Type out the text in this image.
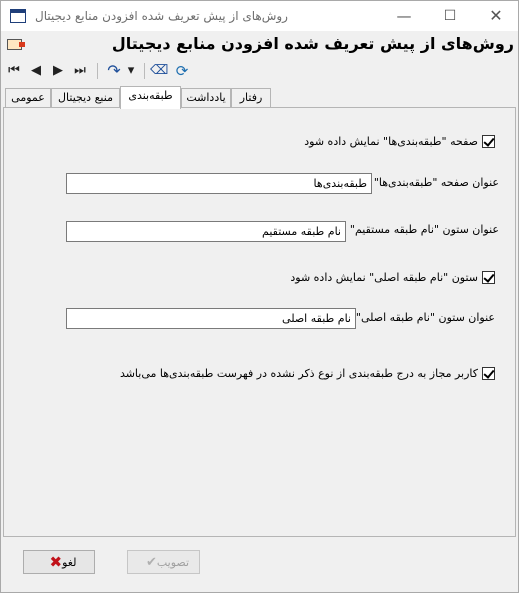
روش‌های از پیش تعریف شده افزودن منابع دیجیتال	—	☐	✕
روش‌های از پیش تعریف شده افزودن منابع دیجیتال
⏮ ◀ ▶ ⏭ ↷ ▾ ⌫ ⟳
عمومی	منبع دیجیتال	طبقه‌بندی	یادداشت	رفتار
صفحه "طبقه‌بندی‌ها" نمایش داده شود
عنوان صفحه "طبقه‌بندی‌ها"
طبقه‌بندی‌ها
عنوان ستون "نام طبقه مستقیم"
نام طبقه مستقیم
ستون "نام طبقه اصلی" نمایش داده شود
عنوان ستون "نام طبقه اصلی"
نام طبقه اصلی
کاربر مجاز به درج طبقه‌بندی از نوع ذکر نشده در فهرست طبقه‌بندی‌ها می‌باشد
لغو
✖	تصویب
✔
